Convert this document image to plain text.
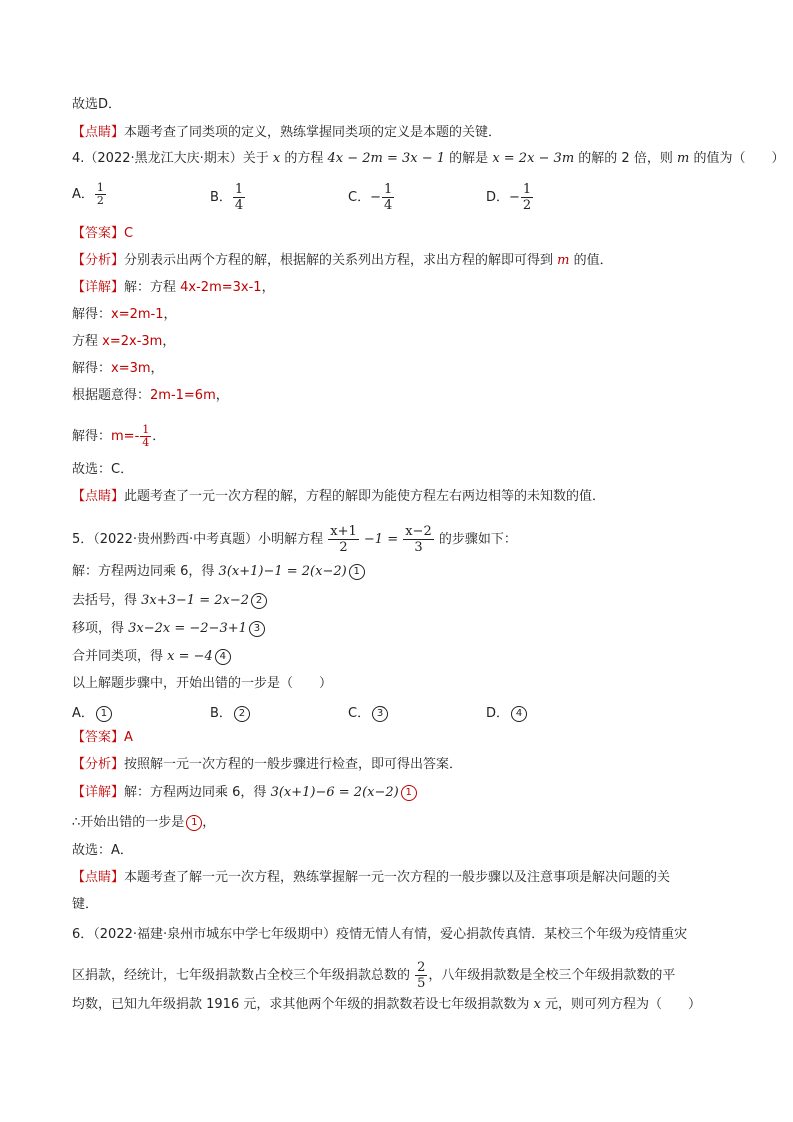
故选D．
【点睛】本题考查了同类项的定义，熟练掌握同类项的定义是本题的关键．
4.（2022·黑龙江大庆·期末）关于 x 的方程 4x − 2m = 3x − 1 的解是 x = 2x − 3m 的解的 2 倍，则 m 的值为（　　）
A． $\frac{1}{2}$	B． $\frac{1}{4}$	C．− $\frac{1}{4}$	D．− $\frac{1}{2}$
【答案】C
【分析】分别表示出两个方程的解，根据解的关系列出方程，求出方程的解即可得到 m 的值．
【详解】解：方程 4x-2m=3x-1，
解得：x=2m-1，
方程 x=2x-3m，
解得：x=3m，
根据题意得：2m-1=6m，
解得：$m=- \frac{1}{4}$ ．
故选：C．
【点睛】此题考查了一元一次方程的解，方程的解即为能使方程左右两边相等的未知数的值．
5．（2022·贵州黔西·中考真题）小明解方程 $\frac{x+1}{2} -1 = \frac{x-2}{3}$ 的步骤如下：
解：方程两边同乘 6，得 3(x+1)−1 = 2(x−2) 1
去括号，得 3x+3−1 = 2x−2 2
移项，得 3x−2x = −2−3+1 3
合并同类项，得 x = −4 4
以上解题步骤中，开始出错的一步是（　　）
A． 1	B． 2	C． 3	D． 4
【答案】A
【分析】按照解一元一次方程的一般步骤进行检查，即可得出答案．
【详解】解：方程两边同乘 6，得 3(x+1)−6 = 2(x−2) 1
∴开始出错的一步是 1 ，
故选：A．
【点睛】本题考查了解一元一次方程，熟练掌握解一元一次方程的一般步骤以及注意事项是解决问题的关
键．
6．（2022·福建·泉州市城东中学七年级期中）疫情无情人有情，爱心捐款传真情．某校三个年级为疫情重灾
区捐款，经统计，七年级捐款数占全校三个年级捐款总数的 $\frac{2}{5}$ ，八年级捐款数是全校三个年级捐款数的平
均数，已知九年级捐款 1916 元，求其他两个年级的捐款数若设七年级捐款数为 x 元，则可列方程为（　　）
